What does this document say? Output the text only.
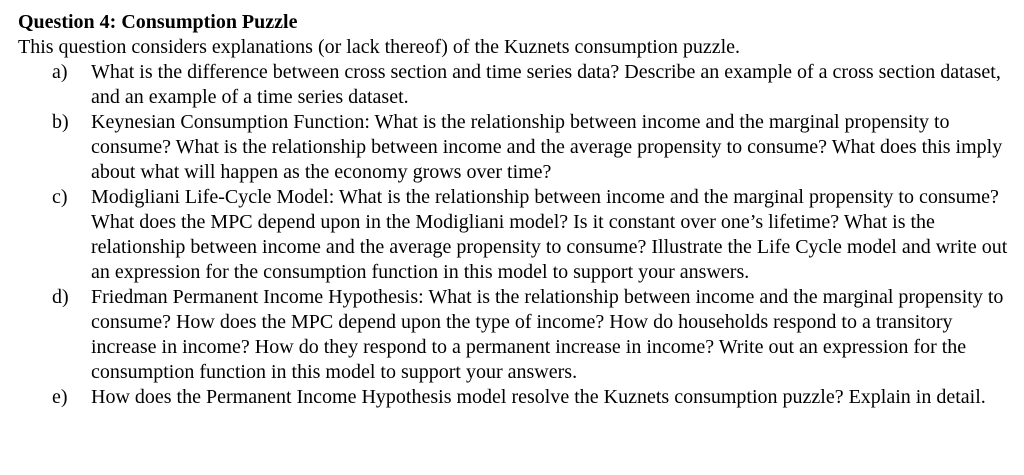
Question 4: Consumption Puzzle

This question considers explanations (or lack thereof) of the Kuznets consumption puzzle.

a) What is the difference between cross section and time series data? Describe an example of a cross section dataset, and an example of a time series dataset.
b) Keynesian Consumption Function: What is the relationship between income and the marginal propensity to consume? What is the relationship between income and the average propensity to consume? What does this imply about what will happen as the economy grows over time?
c) Modigliani Life-Cycle Model: What is the relationship between income and the marginal propensity to consume? What does the MPC depend upon in the Modigliani model? Is it constant over one’s lifetime? What is the relationship between income and the average propensity to consume? Illustrate the Life Cycle model and write out an expression for the consumption function in this model to support your answers.
d) Friedman Permanent Income Hypothesis: What is the relationship between income and the marginal propensity to consume? How does the MPC depend upon the type of income? How do households respond to a transitory increase in income? How do they respond to a permanent increase in income? Write out an expression for the consumption function in this model to support your answers.
e) How does the Permanent Income Hypothesis model resolve the Kuznets consumption puzzle? Explain in detail.
